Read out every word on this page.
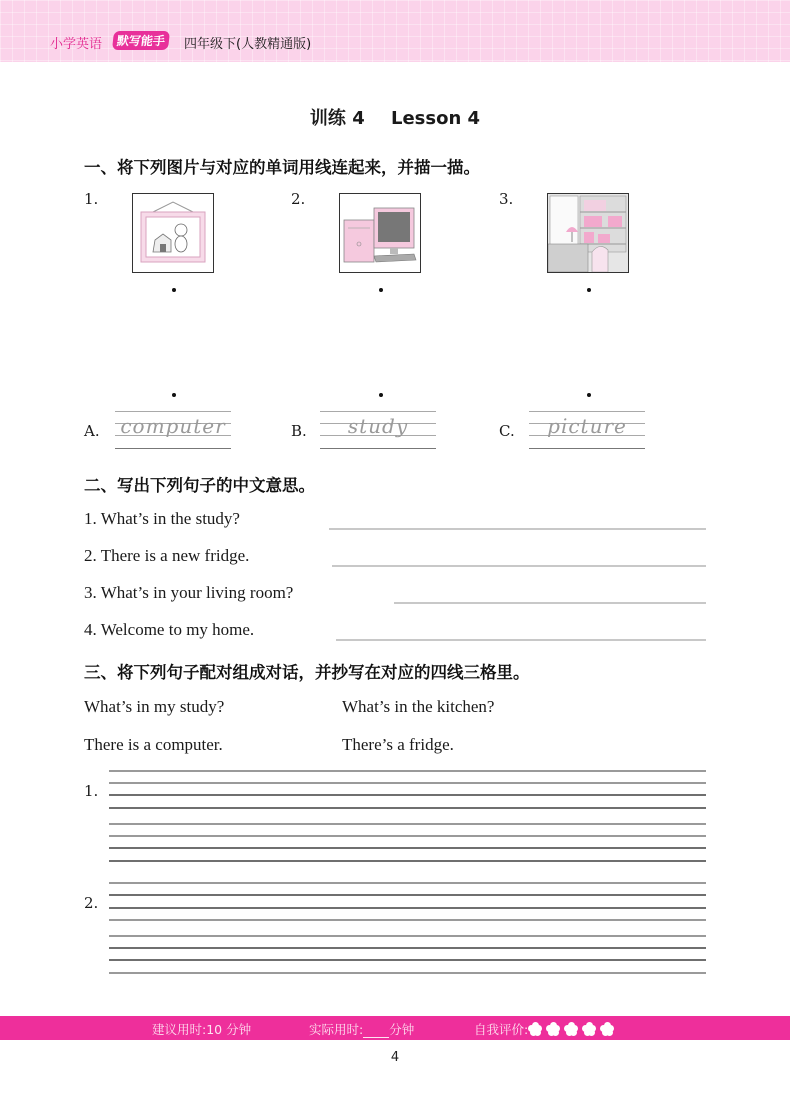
小学英语	默写能手	四年级下(人教精通版)
训练 4 Lesson 4
一、将下列图片与对应的单词用线连起来，并描一描。
1.	2.	3.
A. computer	B.	study	C.	picture
二、写出下列句子的中文意思。
1. What’s in the study?
2. There is a new fridge.
3. What’s in your living room?
4. Welcome to my home.
三、将下列句子配对组成对话，并抄写在对应的四线三格里。
What’s in my study?	What’s in the kitchen?
There is a computer.	There’s a fridge.
1.
2.
建议用时:10 分钟	实际用时: 分钟	自我评价:
4
